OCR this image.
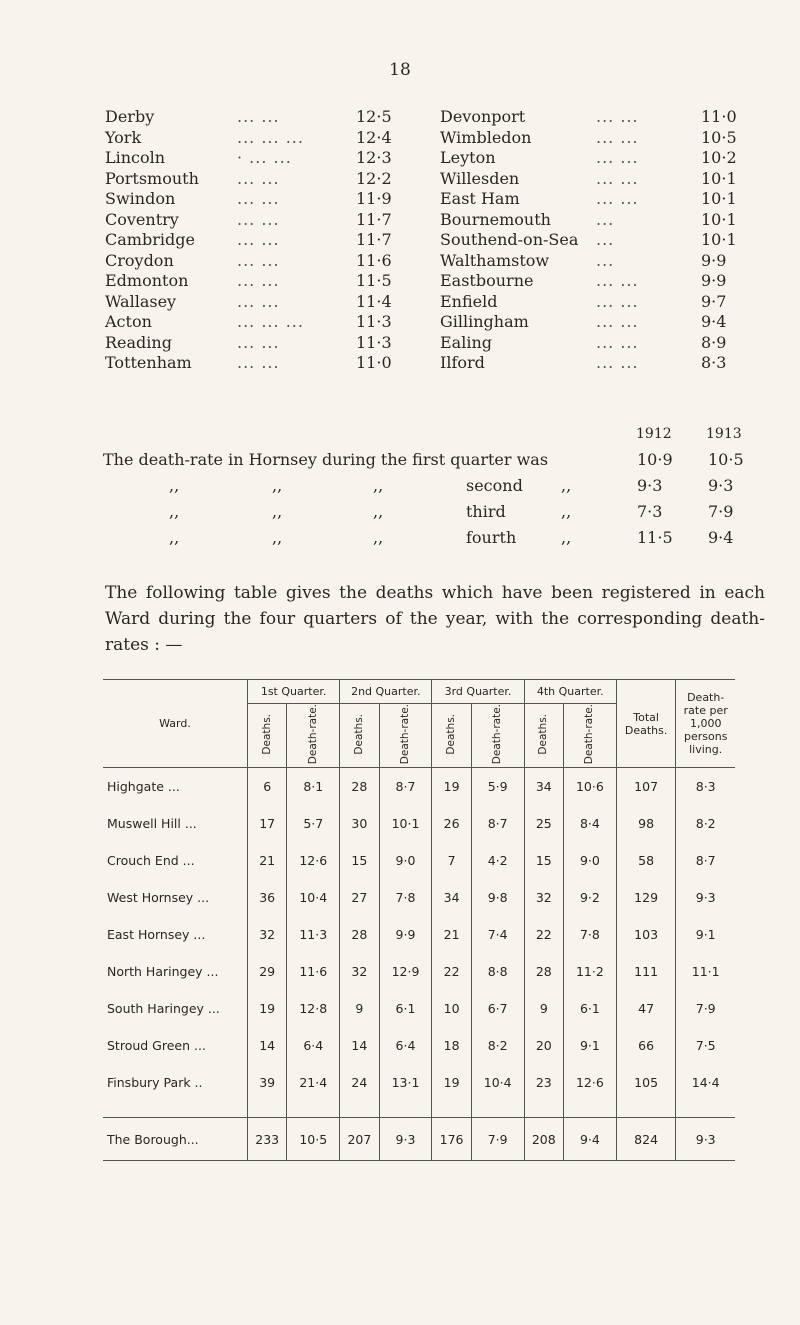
18
Derby	... ...	12·5
York	... ... ...	12·4
Lincoln	· ... ...	12·3
Portsmouth ... ...	12·2
Swindon	... ...	11·9
Coventry	... ...	11·7
Cambridge	... ...	11·7
Croydon	... ...	11·6
Edmonton	... ...	11·5
Wallasey	... ...	11·4
Acton	... ... ...	11·3
Reading	... ...	11·3
Tottenham	... ...	11·0
Devonport	... ...	11·0
Wimbledon	... ...	10·5
Leyton	... ...	10·2
Willesden	... ...	10·1
East Ham	... ...	10·1
Bournemouth	...	10·1
Southend-on-Sea ...	10·1
Walthamstow	...	9·9
Eastbourne	... ...	9·9
Enfield	... ...	9·7
Gillingham	... ...	9·4
Ealing	... ...	8·9
Ilford	... ...	8·3
1912 1913
The death-rate in Hornsey during the first quarter was	10·9 10·5
,,	,,	,,	second ,,	9·3	9·3
,,	,,	,,	third	,,	7·3	7·9
,,	,,	,,	fourth	,,	11·5 9·4
The following table gives the deaths which have been registered in each Ward during the four quarters of the year, with the corresponding death-rates : —
Ward.	1st Quarter.		2nd Quarter.		3rd Quarter.		4th Quarter.		Total Deaths.	Death-rate per 1,000 persons living.
	Deaths.	Death-rate.	Deaths.	Death-rate.	Deaths.	Death-rate.	Deaths.	Death-rate.		
Highgate ...	6	8·1	28	8·7	19	5·9	34	10·6	107	8·3
Muswell Hill ...	17	5·7	30	10·1	26	8·7	25	8·4	98	8·2
Crouch End ...	21	12·6	15	9·0	7	4·2	15	9·0	58	8·7
West Hornsey ...	36	10·4	27	7·8	34	9·8	32	9·2	129	9·3
East Hornsey ...	32	11·3	28	9·9	21	7·4	22	7·8	103	9·1
North Haringey ...	29	11·6	32	12·9	22	8·8	28	11·2	111	11·1
South Haringey ...	19	12·8	9	6·1	10	6·7	9	6·1	47	7·9
Stroud Green ...	14	6·4	14	6·4	18	8·2	20	9·1	66	7·5
Finsbury Park ..	39	21·4	24	13·1	19	10·4	23	12·6	105	14·4

The Borough...	233	10·5	207	9·3	176	7·9	208	9·4	824	9·3
